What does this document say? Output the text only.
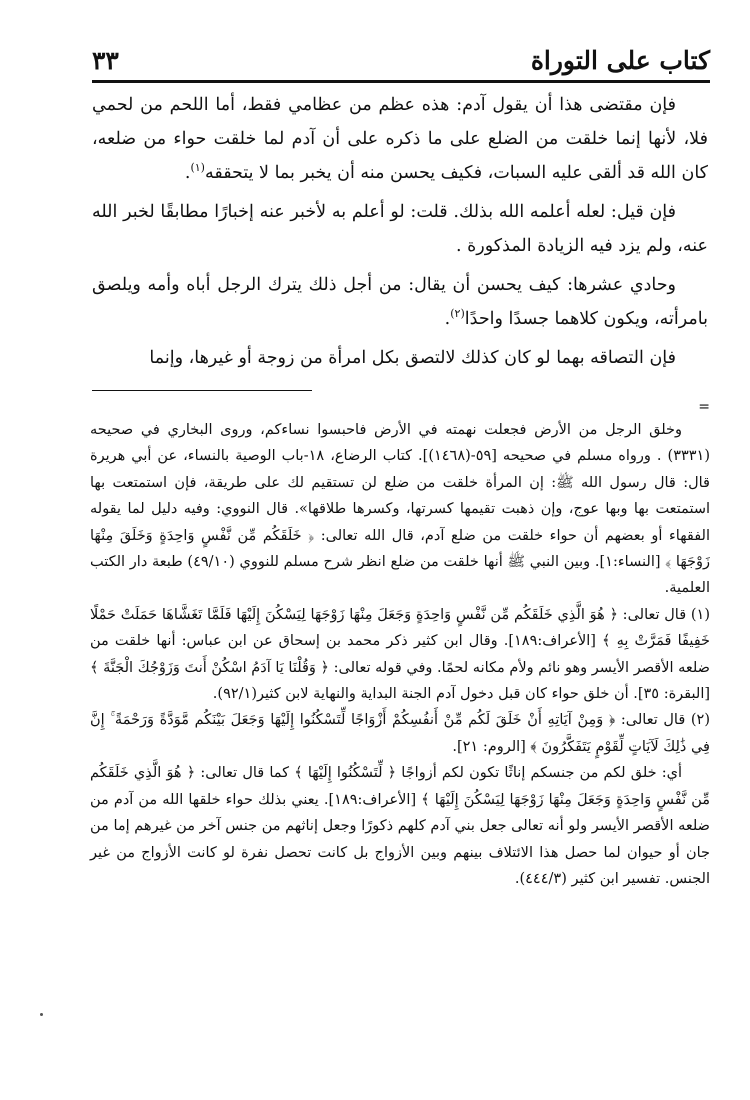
كتاب على التوراة
٣٣

فإن مقتضى هذا أن يقول آدم: هذه عظم من عظامي فقط، أما اللحم من لحمي فلا، لأنها إنما خلقت من الضلع على ما ذكره على أن آدم لما خلقت حواء من ضلعه، كان الله قد ألقى عليه السبات، فكيف يحسن منه أن يخبر بما لا يتحققه$^{(١)}$.

فإن قيل: لعله أعلمه الله بذلك. قلت: لو أعلم به لأخبر عنه إخبارًا مطابقًا لخبر الله عنه، ولم يزد فيه الزيادة المذكورة .

وحادي عشرها: كيف يحسن أن يقال: من أجل ذلك يترك الرجل أباه وأمه ويلصق بامرأته، ويكون كلاهما جسدًا واحدًا$^{(٢)}$.

فإن التصاقه بهما لو كان كذلك لالتصق بكل امرأة من زوجة أو غيرها، وإنما

=

وخلق الرجل من الأرض فجعلت نهمته في الأرض فاحبسوا نساءكم، وروى البخاري في صحيحه (٣٣٣١) . ورواه مسلم في صحيحه [٥٩-(١٤٦٨)]. كتاب الرضاع، ١٨-باب الوصية بالنساء، عن أبي هريرة قال: قال رسول الله ﷺ: إن المرأة خلقت من ضلع لن تستقيم لك على طريقة، فإن استمتعت بها استمتعت بها وبها عوج، وإن ذهبت تقيمها كسرتها، وكسرها طلاقها». قال النووي: وفيه دليل لما يقوله الفقهاء أو بعضهم أن حواء خلقت من ضلع آدم، قال الله تعالى: ﴿ خَلَقَكُم مِّن نَّفْسٍ وَاحِدَةٍ وَخَلَقَ مِنْهَا زَوْجَهَا ﴾ [النساء:١]. وبين النبي ﷺ أنها خلقت من ضلع انظر شرح مسلم للنووي (٤٩/١٠) طبعة دار الكتب العلمية.

(١) قال تعالى: ﴿ هُوَ الَّذِي خَلَقَكُم مِّن نَّفْسٍ وَاحِدَةٍ وَجَعَلَ مِنْهَا زَوْجَهَا لِيَسْكُنَ إِلَيْهَا فَلَمَّا تَغَشَّاهَا حَمَلَتْ حَمْلًا خَفِيفًا فَمَرَّتْ بِهِ ﴾ [الأعراف:١٨٩]. وقال ابن كثير ذكر محمد بن إسحاق عن ابن عباس: أنها خلقت من ضلعه الأقصر الأيسر وهو نائم ولأم مكانه لحمًا. وفي قوله تعالى: ﴿ وَقُلْنَا يَا آدَمُ اسْكُنْ أَنتَ وَزَوْجُكَ الْجَنَّةَ ﴾ [البقرة: ٣٥]. أن خلق حواء كان قبل دخول آدم الجنة البداية والنهاية لابن كثير(٩٢/١).

(٢) قال تعالى: ﴿ وَمِنْ آيَاتِهِ أَنْ خَلَقَ لَكُم مِّنْ أَنفُسِكُمْ أَزْوَاجًا لِّتَسْكُنُوا إِلَيْهَا وَجَعَلَ بَيْنَكُم مَّوَدَّةً وَرَحْمَةً ۚ إِنَّ فِي ذَٰلِكَ لَآيَاتٍ لِّقَوْمٍ يَتَفَكَّرُونَ ﴾ [الروم: ٢١].

أي: خلق لكم من جنسكم إناثًا تكون لكم أزواجًا ﴿ لِّتَسْكُنُوا إِلَيْهَا ﴾ كما قال تعالى: ﴿ هُوَ الَّذِي خَلَقَكُم مِّن نَّفْسٍ وَاحِدَةٍ وَجَعَلَ مِنْهَا زَوْجَهَا لِيَسْكُنَ إِلَيْهَا ﴾ [الأعراف:١٨٩]. يعني بذلك حواء خلقها الله من آدم من ضلعه الأقصر الأيسر ولو أنه تعالى جعل بني آدم كلهم ذكورًا وجعل إناثهم من جنس آخر من غيرهم إما من جان أو حيوان لما حصل هذا الائتلاف بينهم وبين الأزواج بل كانت تحصل نفرة لو كانت الأزواج من غير الجنس. تفسير ابن كثير (٤٤٤/٣).
